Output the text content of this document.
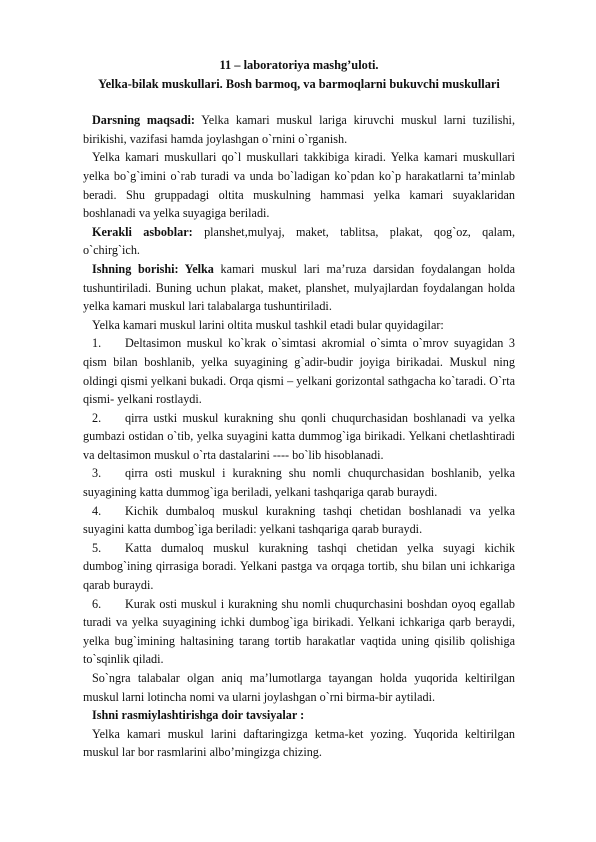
11 – laboratoriya mashg’uloti.
Yelka-bilak muskullari. Bosh barmoq, va barmoqlarni bukuvchi muskullari

Darsning maqsadi: Yelka kamari muskul lariga kiruvchi muskul larni tuzilishi, birikishi, vazifasi hamda joylashgan o`rnini o`rganish.

Yelka kamari muskullari qo`l muskullari takkibiga kiradi. Yelka kamari muskullari yelka bo`g`imini o`rab turadi va unda bo`ladigan ko`pdan ko`p harakatlarni ta’minlab beradi. Shu gruppadagi oltita muskulning hammasi yelka kamari suyaklaridan boshlanadi va yelka suyagiga beriladi.

Kerakli asboblar: planshet,mulyaj, maket, tablitsa, plakat, qog`oz, qalam, o`chirg`ich.

Ishning borishi: Yelka kamari muskul lari ma’ruza darsidan foydalangan holda tushuntiriladi. Buning uchun plakat, maket, planshet, mulyajlardan foydalangan holda yelka kamari muskul lari talabalarga tushuntiriladi.

Yelka kamari muskul larini oltita muskul tashkil etadi bular quyidagilar:

1. Deltasimon muskul ko`krak o`simtasi akromial o`simta o`mrov suyagidan 3 qism bilan boshlanib, yelka suyagining g`adir-budir joyiga birikadai. Muskul ning oldingi qismi yelkani bukadi. Orqa qismi – yelkani gorizontal sathgacha ko`taradi. O`rta qismi- yelkani rostlaydi.

2. qirra ustki muskul kurakning shu qonli chuqurchasidan boshlanadi va yelka gumbazi ostidan o`tib, yelka suyagini katta dummog`iga birikadi. Yelkani chetlashtiradi va deltasimon muskul o`rta dastalarini ---- bo`lib hisoblanadi.

3. qirra osti muskul i kurakning shu nomli chuqurchasidan boshlanib, yelka suyagining katta dummog`iga beriladi, yelkani tashqariga qarab buraydi.

4. Kichik dumbaloq muskul kurakning tashqi chetidan boshlanadi va yelka suyagini katta dumbog`iga beriladi: yelkani tashqariga qarab buraydi.

5. Katta dumaloq muskul kurakning tashqi chetidan yelka suyagi kichik dumbog`ining qirrasiga boradi. Yelkani pastga va orqaga tortib, shu bilan uni ichkariga qarab buraydi.

6. Kurak osti muskul i kurakning shu nomli chuqurchasini boshdan oyoq egallab turadi va yelka suyagining ichki dumbog`iga birikadi. Yelkani ichkariga qarb beraydi, yelka bug`imining haltasining tarang tortib harakatlar vaqtida uning qisilib qolishiga to`sqinlik qiladi.

So`ngra talabalar olgan aniq ma’lumotlarga tayangan holda yuqorida keltirilgan muskul larni lotincha nomi va ularni joylashgan o`rni birma-bir aytiladi.

Ishni rasmiylashtirishga doir tavsiyalar :

Yelka kamari muskul larini daftaringizga ketma-ket yozing. Yuqorida keltirilgan muskul lar bor rasmlarini albo’mingizga chizing.
